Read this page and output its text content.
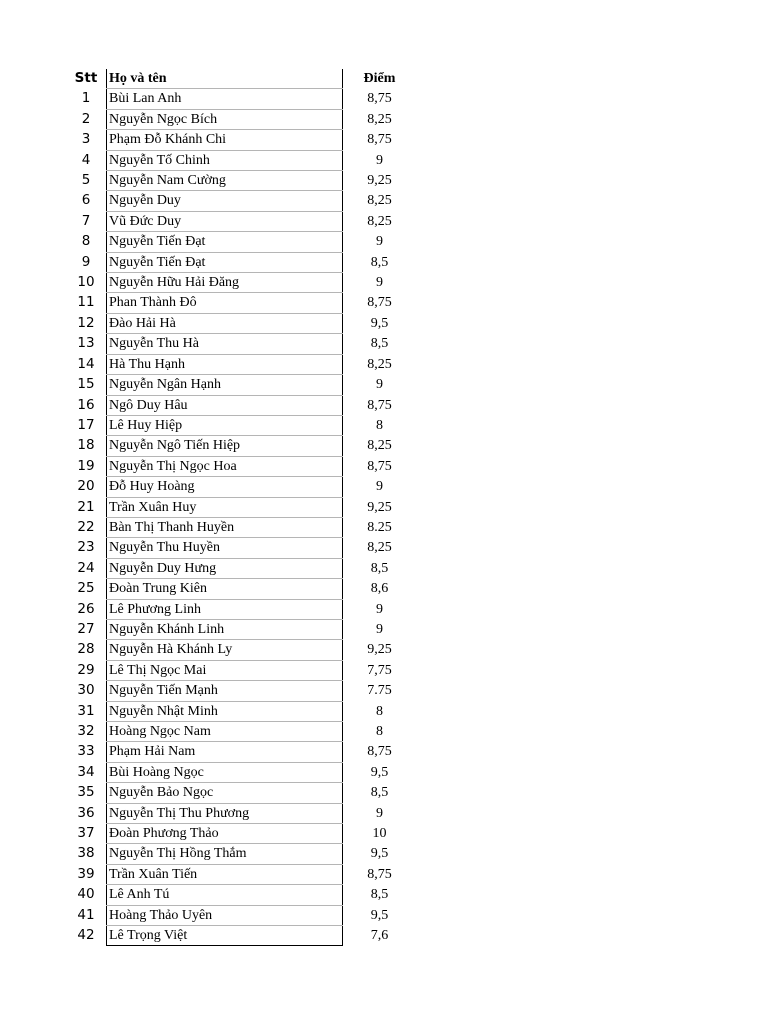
Stt	Họ và tên	Điểm
1	Bùi Lan Anh	8,75
2	Nguyễn Ngọc Bích	8,25
3	Phạm Đỗ Khánh Chi	8,75
4	Nguyễn Tố Chinh	9
5	Nguyễn Nam Cường	9,25
6	Nguyễn Duy	8,25
7	Vũ Đức Duy	8,25
8	Nguyễn Tiến Đạt	9
9	Nguyễn Tiến Đạt	8,5
10	Nguyễn Hữu Hải Đăng	9
11	Phan Thành Đô	8,75
12	Đào Hải Hà	9,5
13	Nguyễn Thu Hà	8,5
14	Hà Thu Hạnh	8,25
15	Nguyễn Ngân Hạnh	9
16	Ngô Duy Hâu	8,75
17	Lê Huy Hiệp	8
18	Nguyễn Ngô Tiến Hiệp	8,25
19	Nguyễn Thị Ngọc Hoa	8,75
20	Đỗ Huy Hoàng	9
21	Trần Xuân Huy	9,25
22	Bàn Thị Thanh Huyền	8.25
23	Nguyễn Thu Huyền	8,25
24	Nguyễn Duy Hưng	8,5
25	Đoàn Trung Kiên	8,6
26	Lê Phương Linh	9
27	Nguyễn Khánh Linh	9
28	Nguyễn Hà Khánh Ly	9,25
29	Lê Thị Ngọc Mai	7,75
30	Nguyễn Tiến Mạnh	7.75
31	Nguyễn Nhật Minh	8
32	Hoàng Ngọc Nam	8
33	Phạm Hải Nam	8,75
34	Bùi Hoàng Ngọc	9,5
35	Nguyễn Bảo Ngọc	8,5
36	Nguyễn Thị Thu Phương	9
37	Đoàn Phương Thảo	10
38	Nguyễn Thị Hồng Thắm	9,5
39	Trần Xuân Tiến	8,75
40	Lê Anh Tú	8,5
41	Hoàng Thảo Uyên	9,5
42	Lê Trọng Việt	7,6
